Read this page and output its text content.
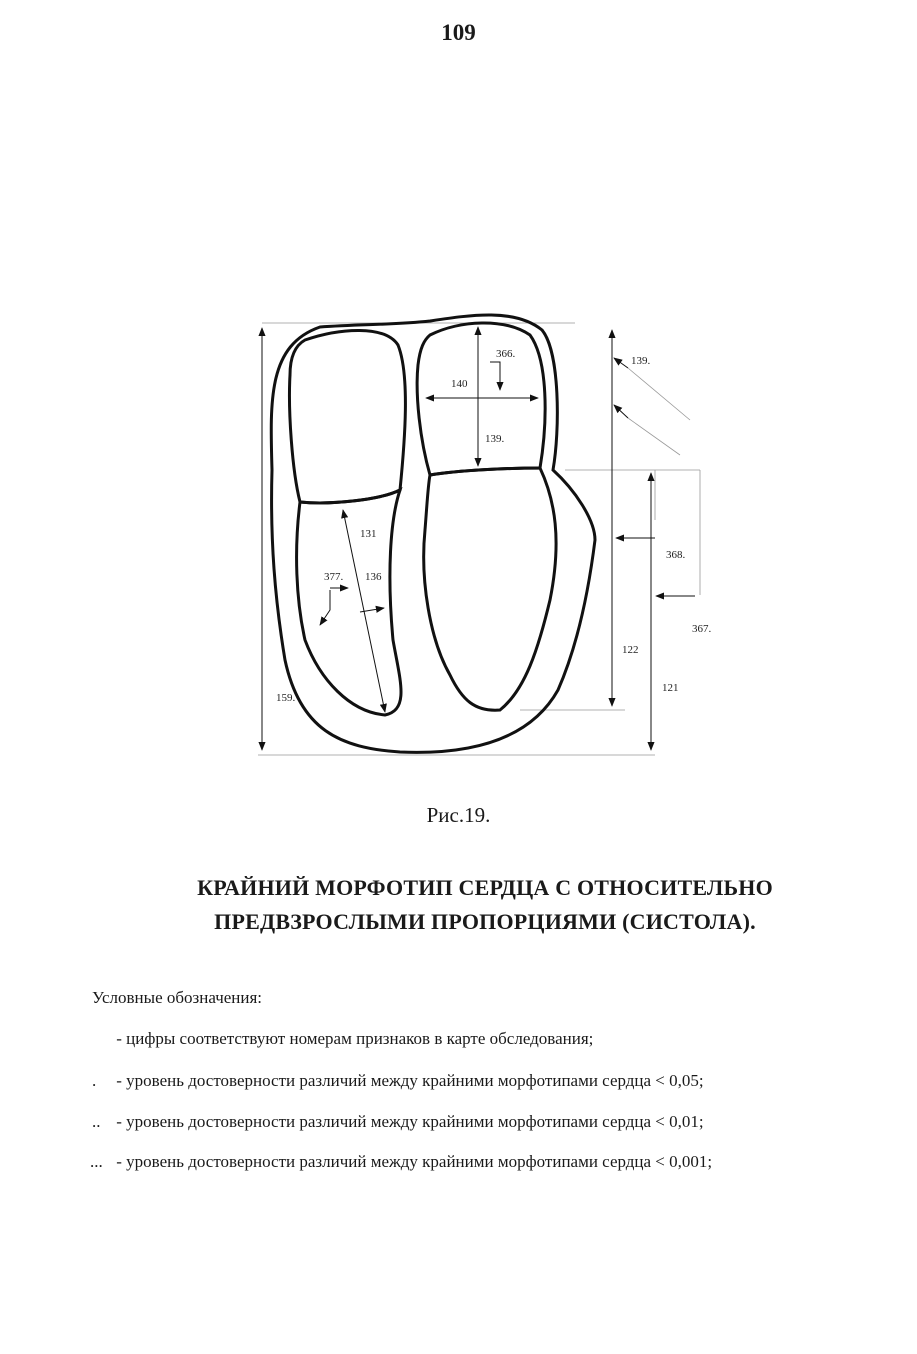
109
366.
140
139.
139.
131
377. 136
159.
368.
367.
122
121
Рис.19.
КРАЙНИЙ МОРФОТИП СЕРДЦА С ОТНОСИТЕЛЬНО
ПРЕДВЗРОСЛЫМИ ПРОПОРЦИЯМИ (СИСТОЛА).
Условные обозначения:
- цифры соответствуют номерам признаков в карте обследования;
. - уровень достоверности различий между крайними морфотипами сердца < 0,05;
.. - уровень достоверности различий между крайними морфотипами сердца < 0,01;
... - уровень достоверности различий между крайними морфотипами сердца < 0,001;
